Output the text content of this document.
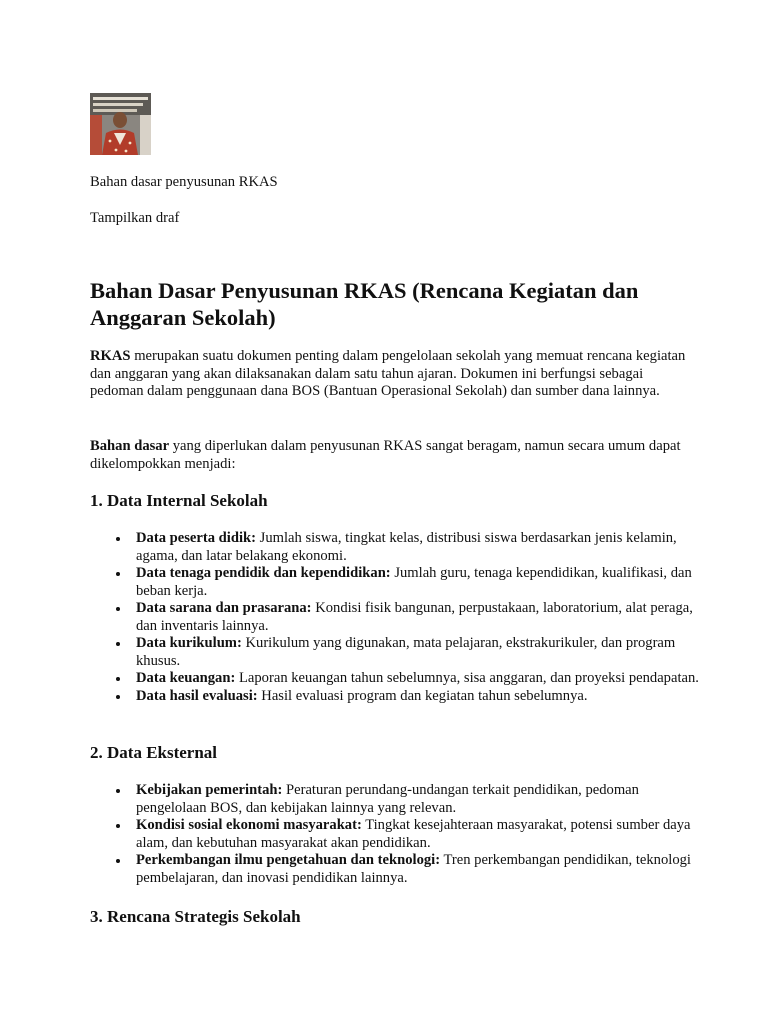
Bahan dasar penyusunan RKAS

Tampilkan draf

Bahan Dasar Penyusunan RKAS (Rencana Kegiatan dan Anggaran Sekolah)

RKAS merupakan suatu dokumen penting dalam pengelolaan sekolah yang memuat rencana kegiatan dan anggaran yang akan dilaksanakan dalam satu tahun ajaran. Dokumen ini berfungsi sebagai pedoman dalam penggunaan dana BOS (Bantuan Operasional Sekolah) dan sumber dana lainnya.

Bahan dasar yang diperlukan dalam penyusunan RKAS sangat beragam, namun secara umum dapat dikelompokkan menjadi:

1. Data Internal Sekolah
Data peserta didik: Jumlah siswa, tingkat kelas, distribusi siswa berdasarkan jenis kelamin, agama, dan latar belakang ekonomi.
Data tenaga pendidik dan kependidikan: Jumlah guru, tenaga kependidikan, kualifikasi, dan beban kerja.
Data sarana dan prasarana: Kondisi fisik bangunan, perpustakaan, laboratorium, alat peraga, dan inventaris lainnya.
Data kurikulum: Kurikulum yang digunakan, mata pelajaran, ekstrakurikuler, dan program khusus.
Data keuangan: Laporan keuangan tahun sebelumnya, sisa anggaran, dan proyeksi pendapatan.
Data hasil evaluasi: Hasil evaluasi program dan kegiatan tahun sebelumnya.
2. Data Eksternal
Kebijakan pemerintah: Peraturan perundang-undangan terkait pendidikan, pedoman pengelolaan BOS, dan kebijakan lainnya yang relevan.
Kondisi sosial ekonomi masyarakat: Tingkat kesejahteraan masyarakat, potensi sumber daya alam, dan kebutuhan masyarakat akan pendidikan.
Perkembangan ilmu pengetahuan dan teknologi: Tren perkembangan pendidikan, teknologi pembelajaran, dan inovasi pendidikan lainnya.
3. Rencana Strategis Sekolah
